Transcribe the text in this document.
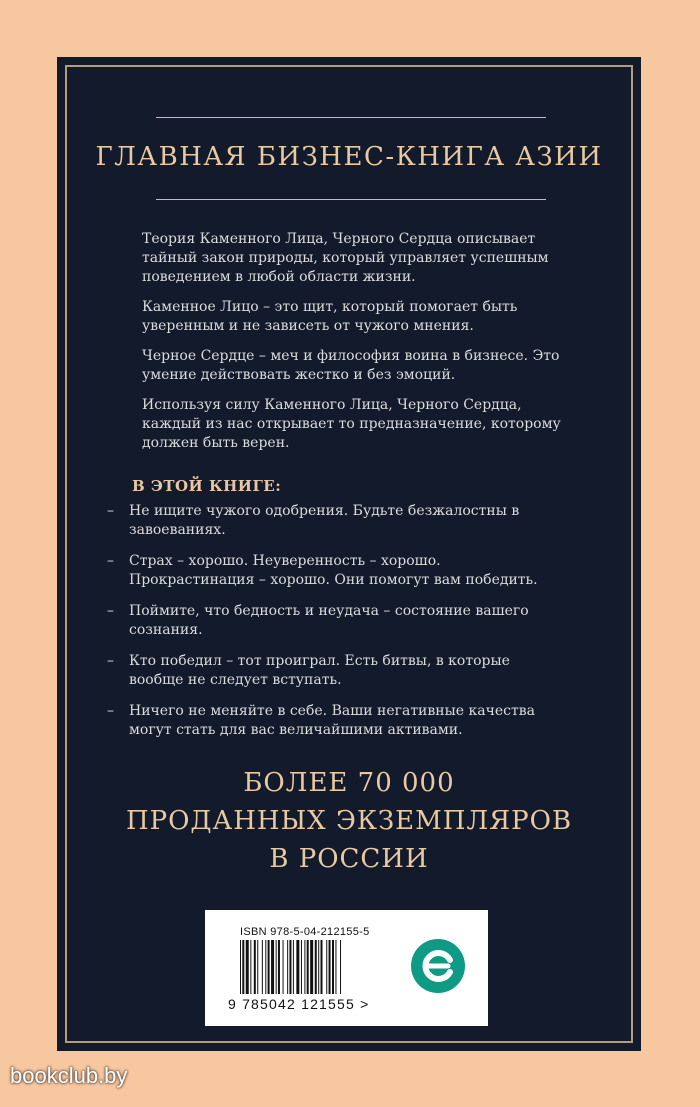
ГЛАВНАЯ БИЗНЕС-КНИГА АЗИИ

Теория Каменного Лица, Черного Сердца описывает тайный закон природы, который управляет успешным поведением в любой области жизни.

Каменное Лицо – это щит, который помогает быть уверенным и не зависеть от чужого мнения.

Черное Сердце – меч и философия воина в бизнесе. Это умение действовать жестко и без эмоций.

Используя силу Каменного Лица, Черного Сердца, каждый из нас открывает то предназначение, которому должен быть верен.

В ЭТОЙ КНИГЕ:
– Не ищите чужого одобрения. Будьте безжалостны в завоеваниях.
– Страх – хорошо. Неуверенность – хорошо. Прокрастинация – хорошо. Они помогут вам победить.
– Поймите, что бедность и неудача – состояние вашего сознания.
– Кто победил – тот проиграл. Есть битвы, в которые вообще не следует вступать.
– Ничего не меняйте в себе. Ваши негативные качества могут стать для вас величайшими активами.
БОЛЕЕ 70 000
ПРОДАННЫХ ЭКЗЕМПЛЯРОВ
В РОССИИ
ISBN 978-5-04-212155-5
9 785042 121555 >
bookclub.by
